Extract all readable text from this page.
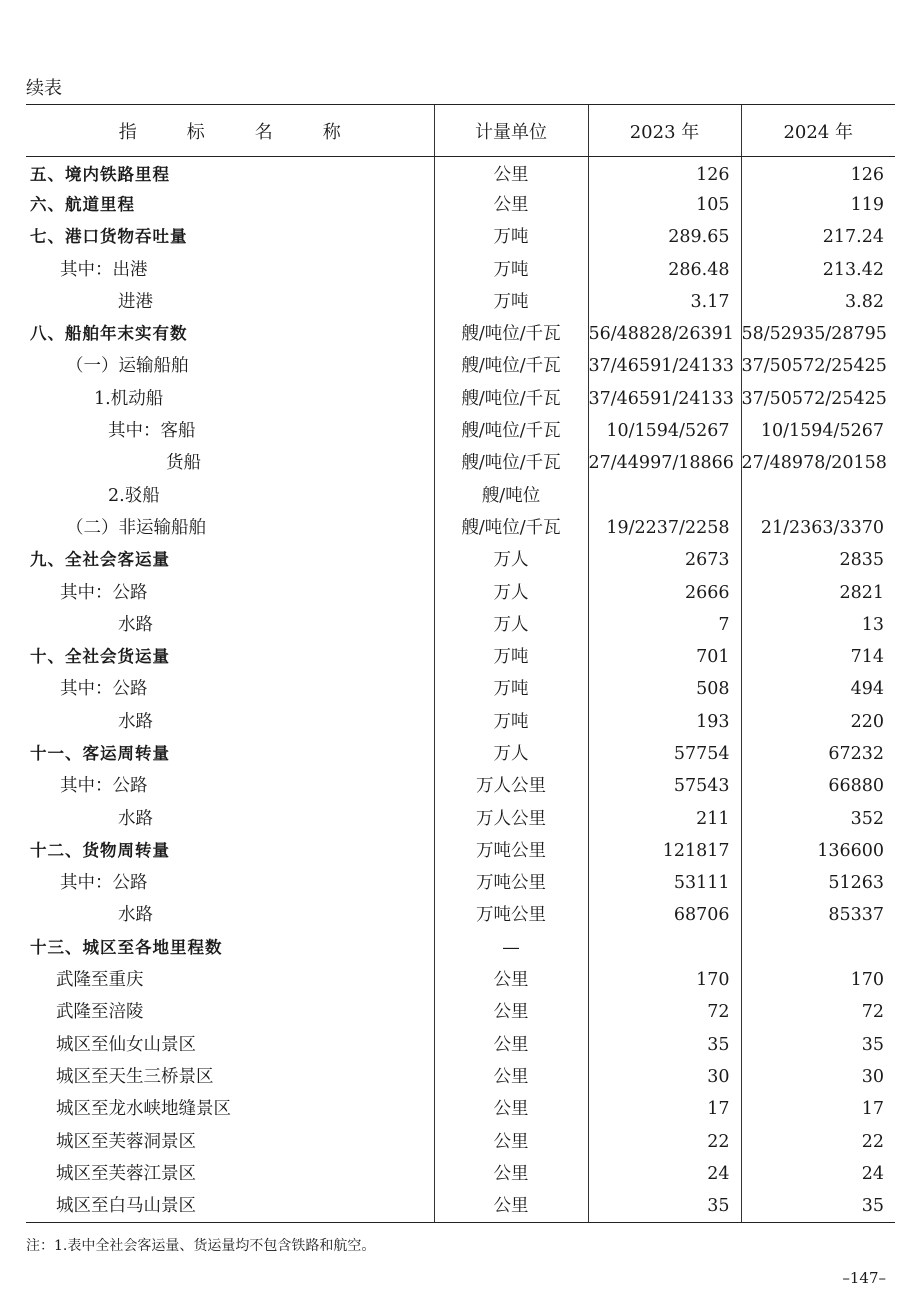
续表
指 标 名 称	计量单位	2023 年	2024 年
五、境内铁路里程	公里	126	126
六、航道里程	公里	105	119
七、港口货物吞吐量	万吨	289.65	217.24
其中：出港	万吨	286.48	213.42
进港	万吨	3.17	3.82
八、船舶年末实有数	艘/吨位/千瓦	56/48828/26391	58/52935/28795
（一）运输船舶	艘/吨位/千瓦	37/46591/24133	37/50572/25425
1.机动船	艘/吨位/千瓦	37/46591/24133	37/50572/25425
其中：客船	艘/吨位/千瓦	10/1594/5267	10/1594/5267
货船	艘/吨位/千瓦	27/44997/18866	27/48978/20158
2.驳船	艘/吨位		
（二）非运输船舶	艘/吨位/千瓦	19/2237/2258	21/2363/3370
九、全社会客运量	万人	2673	2835
其中：公路	万人	2666	2821
水路	万人	7	13
十、全社会货运量	万吨	701	714
其中：公路	万吨	508	494
水路	万吨	193	220
十一、客运周转量	万人	57754	67232
其中：公路	万人公里	57543	66880
水路	万人公里	211	352
十二、货物周转量	万吨公里	121817	136600
其中：公路	万吨公里	53111	51263
水路	万吨公里	68706	85337
十三、城区至各地里程数	—		
武隆至重庆	公里	170	170
武隆至涪陵	公里	72	72
城区至仙女山景区	公里	35	35
城区至天生三桥景区	公里	30	30
城区至龙水峡地缝景区	公里	17	17
城区至芙蓉洞景区	公里	22	22
城区至芙蓉江景区	公里	24	24
城区至白马山景区	公里	35	35
注：1.表中全社会客运量、货运量均不包含铁路和航空。
–147–
